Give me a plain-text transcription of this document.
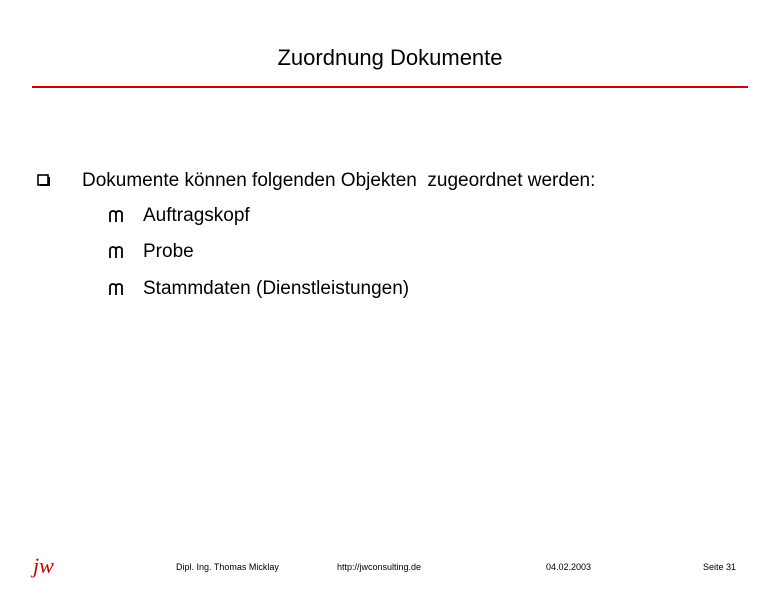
Zuordnung Dokumente
Dokumente können folgenden Objekten  zugeordnet werden:
Auftragskopf
Probe
Stammdaten (Dienstleistungen)
jw	Dipl. Ing. Thomas Micklay	http://jwconsulting.de	04.02.2003	Seite 31
